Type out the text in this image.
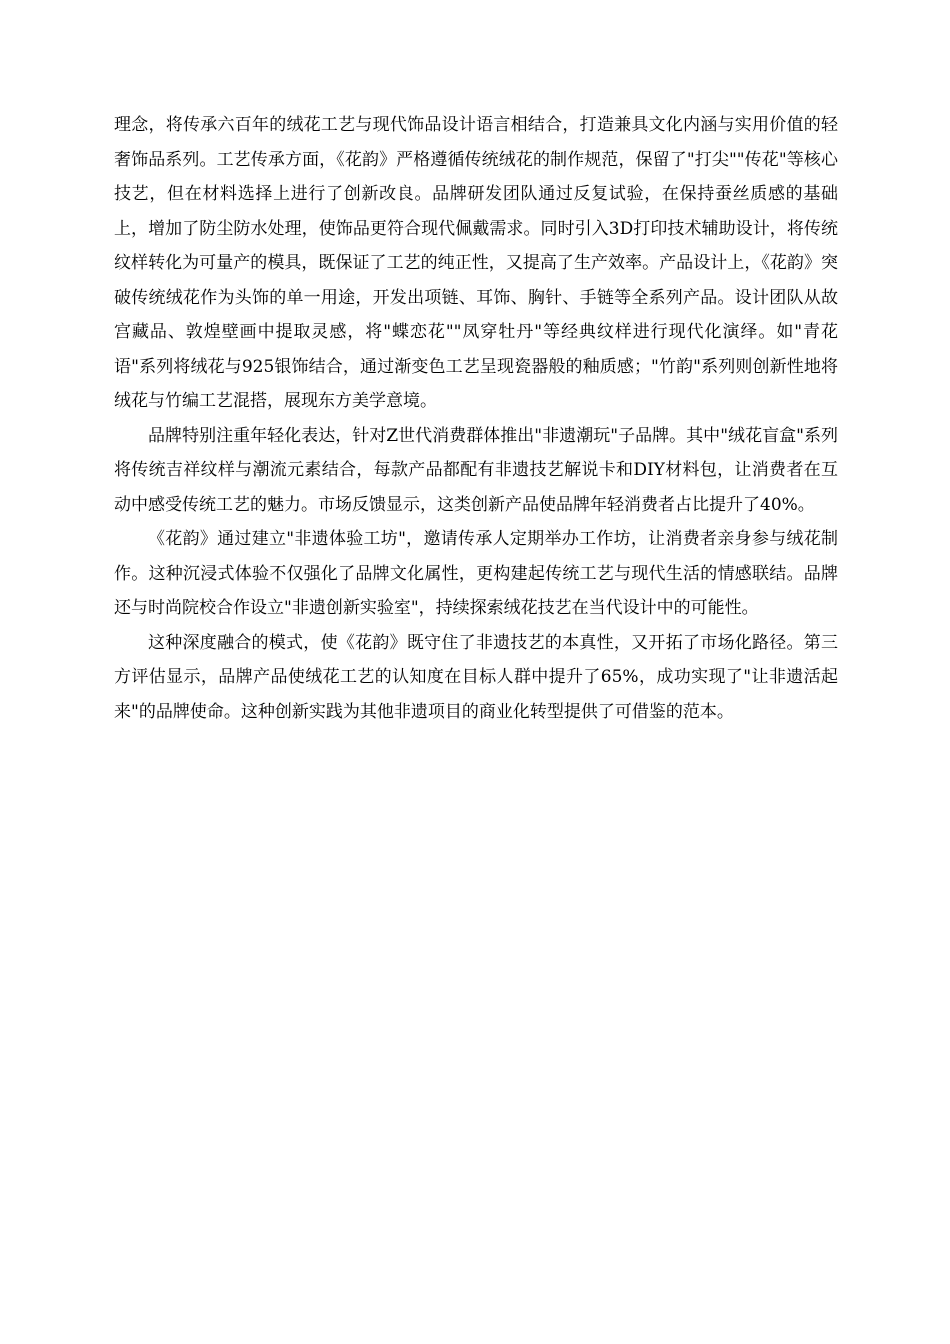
理念，将传承六百年的绒花工艺与现代饰品设计语言相结合，打造兼具文化内涵与实用价值的轻奢饰品系列。工艺传承方面，《花韵》严格遵循传统绒花的制作规范，保留了"打尖""传花"等核心技艺，但在材料选择上进行了创新改良。品牌研发团队通过反复试验，在保持蚕丝质感的基础上，增加了防尘防水处理，使饰品更符合现代佩戴需求。同时引入3D打印技术辅助设计，将传统纹样转化为可量产的模具，既保证了工艺的纯正性，又提高了生产效率。产品设计上，《花韵》突破传统绒花作为头饰的单一用途，开发出项链、耳饰、胸针、手链等全系列产品。设计团队从故宫藏品、敦煌壁画中提取灵感，将"蝶恋花""凤穿牡丹"等经典纹样进行现代化演绎。如"青花语"系列将绒花与925银饰结合，通过渐变色工艺呈现瓷器般的釉质感；"竹韵"系列则创新性地将绒花与竹编工艺混搭，展现东方美学意境。

品牌特别注重年轻化表达，针对Z世代消费群体推出"非遗潮玩"子品牌。其中"绒花盲盒"系列将传统吉祥纹样与潮流元素结合，每款产品都配有非遗技艺解说卡和DIY材料包，让消费者在互动中感受传统工艺的魅力。市场反馈显示，这类创新产品使品牌年轻消费者占比提升了40%。

《花韵》通过建立"非遗体验工坊"，邀请传承人定期举办工作坊，让消费者亲身参与绒花制作。这种沉浸式体验不仅强化了品牌文化属性，更构建起传统工艺与现代生活的情感联结。品牌还与时尚院校合作设立"非遗创新实验室"，持续探索绒花技艺在当代设计中的可能性。

这种深度融合的模式，使《花韵》既守住了非遗技艺的本真性，又开拓了市场化路径。第三方评估显示，品牌产品使绒花工艺的认知度在目标人群中提升了65%，成功实现了"让非遗活起来"的品牌使命。这种创新实践为其他非遗项目的商业化转型提供了可借鉴的范本。
